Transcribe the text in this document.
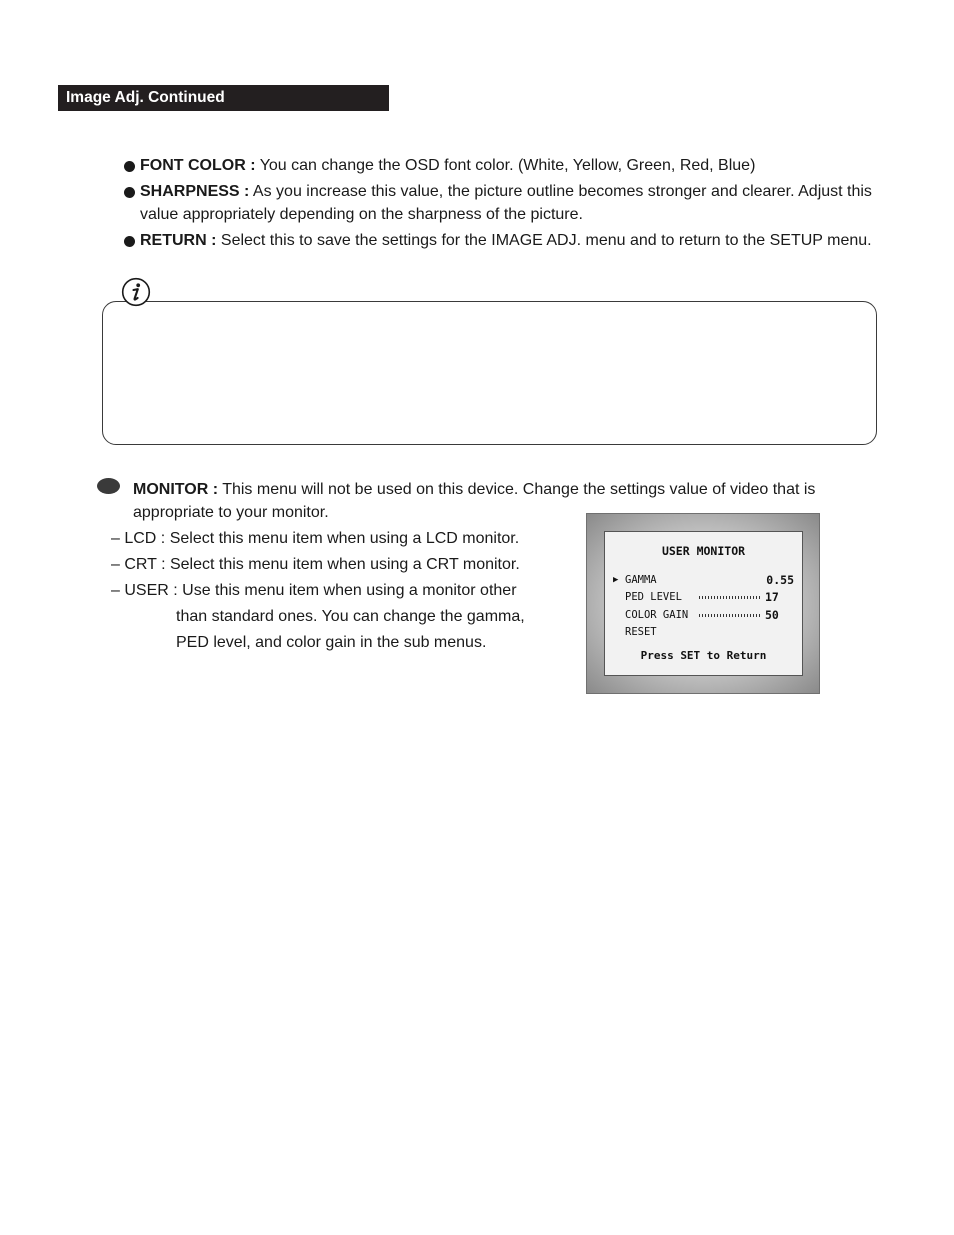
Image Adj. Continued
FONT COLOR : You can change the OSD font color. (White, Yellow, Green, Red, Blue)
SHARPNESS : As you increase this value, the picture outline becomes stronger and clearer. Adjust this value appropriately depending on the sharpness of the picture.
RETURN : Select this to save the settings for the IMAGE ADJ. menu and to return to the SETUP menu.
MONITOR : This menu will not be used on this device. Change the settings value of video that is appropriate to your monitor.
– LCD : Select this menu item when using a LCD monitor.
– CRT : Select this menu item when using a CRT monitor.
– USER : Use this menu item when using a monitor other
than standard ones. You can change the gamma,
PED level, and color gain in the sub menus.
USER MONITOR
▶ GAMMA	0.55
PED LEVEL	17
COLOR GAIN	50
RESET
Press SET to Return
